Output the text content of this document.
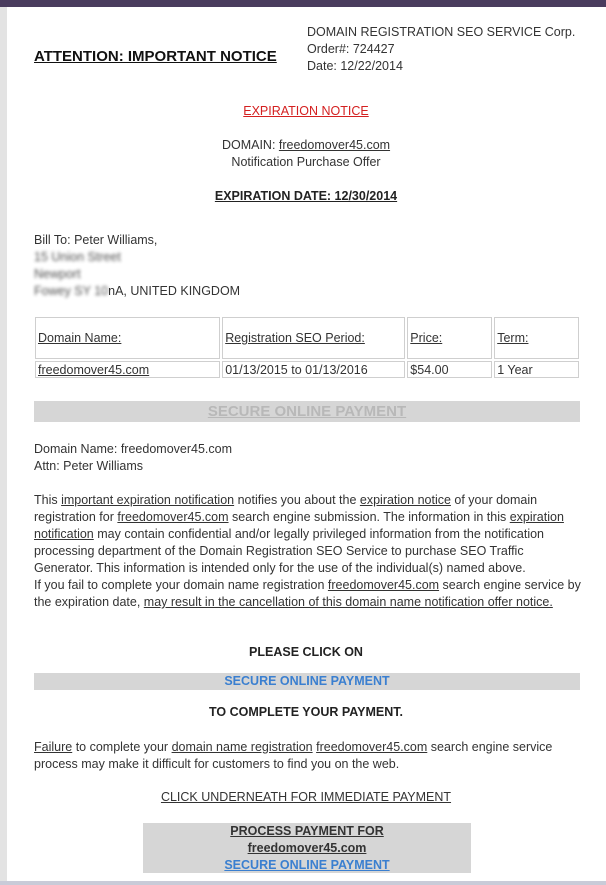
DOMAIN REGISTRATION SEO SERVICE Corp.
Order#: 724427
Date: 12/22/2014
ATTENTION: IMPORTANT NOTICE
EXPIRATION NOTICE
DOMAIN: freedomover45.com
Notification Purchase Offer
EXPIRATION DATE: 12/30/2014
Bill To: Peter Williams,
15 Union Street
Newport
Fowey SY 10nA, UNITED KINGDOM
Domain Name:	Registration SEO Period:	Price:	Term:
freedomover45.com	01/13/2015 to 01/13/2016	$54.00	1 Year
SECURE ONLINE PAYMENT
Domain Name: freedomover45.com
Attn: Peter Williams
This important expiration notification notifies you about the expiration notice of your domain registration for freedomover45.com search engine submission. The information in this expiration notification may contain confidential and/or legally privileged information from the notification processing department of the Domain Registration SEO Service to purchase SEO Traffic Generator. This information is intended only for the use of the individual(s) named above.
If you fail to complete your domain name registration freedomover45.com search engine service by the expiration date, may result in the cancellation of this domain name notification offer notice.
PLEASE CLICK ON
SECURE ONLINE PAYMENT
TO COMPLETE YOUR PAYMENT.
Failure to complete your domain name registration freedomover45.com search engine service process may make it difficult for customers to find you on the web.
CLICK UNDERNEATH FOR IMMEDIATE PAYMENT
PROCESS PAYMENT FOR
freedomover45.com
SECURE ONLINE PAYMENT
